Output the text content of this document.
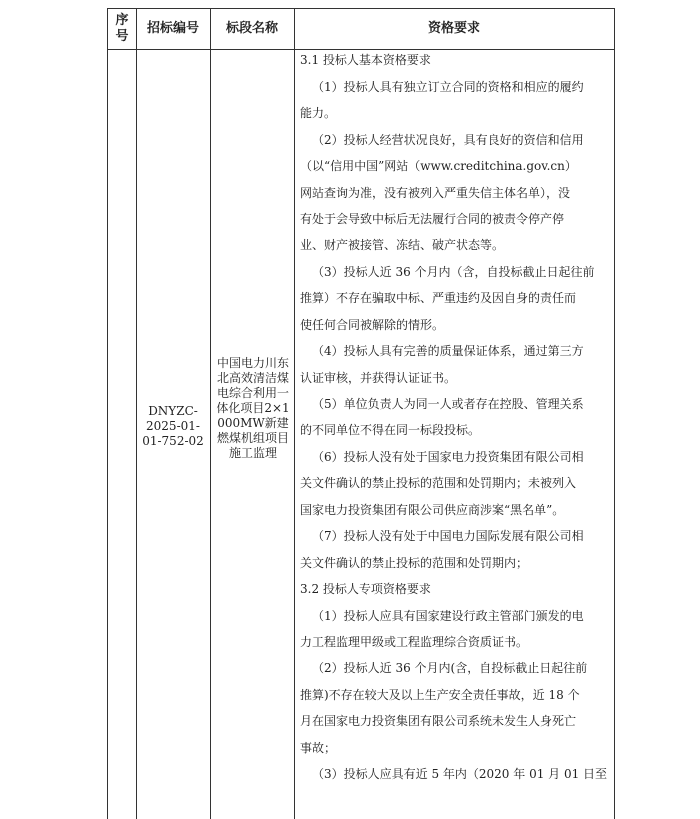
序
号
招标编号	标段名称	资格要求
DNYZC-
2025-01-
01-752-02
中国电力川东北高效清洁煤电综合利用一体化项目2×1000MW新建燃煤机组项目施工监理
3.1 投标人基本资格要求
（1）投标人具有独立订立合同的资格和相应的履约
能力。
（2）投标人经营状况良好，具有良好的资信和信用
（以“信用中国”网站（www.creditchina.gov.cn）
网站查询为准，没有被列入严重失信主体名单），没
有处于会导致中标后无法履行合同的被责令停产停
业、财产被接管、冻结、破产状态等。
（3）投标人近 36 个月内（含，自投标截止日起往前
推算）不存在骗取中标、严重违约及因自身的责任而
使任何合同被解除的情形。
（4）投标人具有完善的质量保证体系，通过第三方
认证审核，并获得认证证书。
（5）单位负责人为同一人或者存在控股、管理关系
的不同单位不得在同一标段投标。
（6）投标人没有处于国家电力投资集团有限公司相
关文件确认的禁止投标的范围和处罚期内；未被列入
国家电力投资集团有限公司供应商涉案“黑名单”。
（7）投标人没有处于中国电力国际发展有限公司相
关文件确认的禁止投标的范围和处罚期内；
3.2 投标人专项资格要求
（1）投标人应具有国家建设行政主管部门颁发的电
力工程监理甲级或工程监理综合资质证书。
（2）投标人近 36 个月内(含，自投标截止日起往前
推算)不存在较大及以上生产安全责任事故，近 18 个
月在国家电力投资集团有限公司系统未发生人身死亡
事故；
（3）投标人应具有近 5 年内（2020 年 01 月 01 日至
